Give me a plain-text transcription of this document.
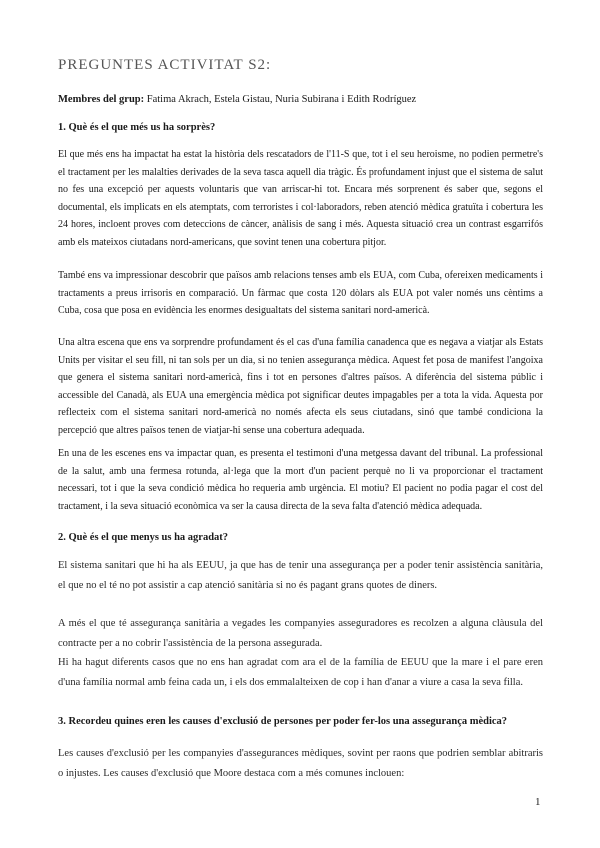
PREGUNTES ACTIVITAT S2:

Membres del grup: Fatima Akrach, Estela Gistau, Nuria Subirana i Edith Rodríguez

1. Què és el que més us ha sorprès?

El que més ens ha impactat ha estat la història dels rescatadors de l'11-S que, tot i el seu heroisme, no podien permetre's el tractament per les malalties derivades de la seva tasca aquell dia tràgic. És profundament injust que el sistema de salut no fes una excepció per aquests voluntaris que van arriscar-hi tot. Encara més sorprenent és saber que, segons el documental, els implicats en els atemptats, com terroristes i col·laboradors, reben atenció mèdica gratuïta i cobertura les 24 hores, incloent proves com deteccions de càncer, anàlisis de sang i més. Aquesta situació crea un contrast esgarrifós amb els mateixos ciutadans nord-americans, que sovint tenen una cobertura pitjor.

També ens va impressionar descobrir que països amb relacions tenses amb els EUA, com Cuba, ofereixen medicaments i tractaments a preus irrisoris en comparació. Un fàrmac que costa 120 dòlars als EUA pot valer només uns cèntims a Cuba, cosa que posa en evidència les enormes desigualtats del sistema sanitari nord-americà.

Una altra escena que ens va sorprendre profundament és el cas d'una família canadenca que es negava a viatjar als Estats Units per visitar el seu fill, ni tan sols per un dia, si no tenien assegurança mèdica. Aquest fet posa de manifest l'angoixa que genera el sistema sanitari nord-americà, fins i tot en persones d'altres països. A diferència del sistema públic i accessible del Canadà, als EUA una emergència mèdica pot significar deutes impagables per a tota la vida. Aquesta por reflecteix com el sistema sanitari nord-americà no només afecta els seus ciutadans, sinó que també condiciona la percepció que altres països tenen de viatjar-hi sense una cobertura adequada.

En una de les escenes ens va impactar quan, es presenta el testimoni d'una metgessa davant del tribunal. La professional de la salut, amb una fermesa rotunda, al·lega que la mort d'un pacient perquè no li va proporcionar el tractament necessari, tot i que la seva condició mèdica ho requeria amb urgència. El motiu? El pacient no podia pagar el cost del tractament, i la seva situació econòmica va ser la causa directa de la seva falta d'atenció mèdica adequada.

2. Què és el que menys us ha agradat?

El sistema sanitari que hi ha als EEUU, ja que has de tenir una assegurança per a poder tenir assistència sanitària, el que no el té no pot assistir a cap atenció sanitària si no és pagant grans quotes de diners.

A més el que té assegurança sanitària a vegades les companyies asseguradores es recolzen a alguna clàusula del contracte per a no cobrir l'assistència de la persona assegurada.

Hi ha hagut diferents casos que no ens han agradat com ara el de la família de EEUU que la mare i el pare eren d'una família normal amb feina cada un, i els dos emmalalteixen de cop i han d'anar a viure a casa la seva filla.

3. Recordeu quines eren les causes d'exclusió de persones per poder fer-los una assegurança mèdica?

Les causes d'exclusió per les companyies d'assegurances mèdiques, sovint per raons que podrien semblar abitraris o injustes. Les causes d'exclusió que Moore destaca com a més comunes inclouen:

1
